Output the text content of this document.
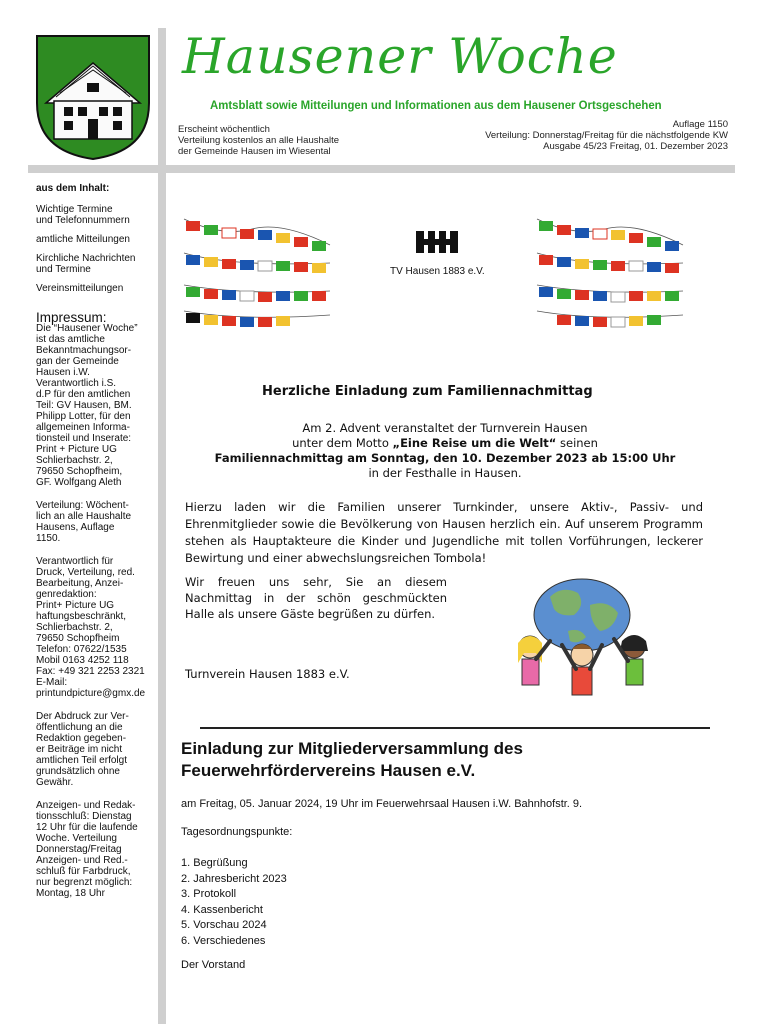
Hausener Woche
Amtsblatt sowie Mitteilungen und Informationen aus dem Hausener Ortsgeschehen
Erscheint wöchentlich
Verteilung kostenlos an alle Haushalte
der Gemeinde Hausen im Wiesental
Auflage 1150
Verteilung: Donnerstag/Freitag für die nächstfolgende KW
Ausgabe 45/23 Freitag, 01. Dezember 2023
aus dem Inhalt:
Wichtige Termine
und Telefonnummern
amtliche Mitteilungen
Kirchliche Nachrichten
und Termine
Vereinsmitteilungen
Impressum:

Die “Hausener Woche”
ist das amtliche
Bekanntmachungsor-
gan der Gemeinde
Hausen i.W.
Verantwortlich i.S.
d.P für den amtlichen
Teil: GV Hausen, BM.
Philipp Lotter, für den
allgemeinen Informa-
tionsteil und Inserate:
Print + Picture UG
Schlierbachstr. 2,
79650 Schopfheim,
GF. Wolfgang Aleth

Verteilung: Wöchent-
lich an alle Haushalte
Hausens, Auflage
1150.

Verantwortlich für
Druck, Verteilung, red.
Bearbeitung, Anzei-
genredaktion:
Print+ Picture UG
haftungsbeschränkt,
Schlierbachstr. 2,
79650 Schopfheim
Telefon: 07622/1535
Mobil 0163 4252 118
Fax: +49 321 2253 2321
E-Mail:
printundpicture@gmx.de

Der Abdruck zur Ver-
öffentlichung an die
Redaktion gegeben-
er Beiträge im nicht
amtlichen Teil erfolgt
grundsätzlich ohne
Gewähr.

Anzeigen- und Redak-
tionsschluß: Dienstag
12 Uhr für die laufende
Woche. Verteilung
Donnerstag/Freitag
Anzeigen- und Red.-
schluß für Farbdruck,
nur begrenzt möglich:
Montag, 18 Uhr

TV Hausen 1883 e.V.
Herzliche Einladung zum Familiennachmittag
Am 2. Advent veranstaltet der Turnverein Hausen
unter dem Motto „Eine Reise um die Welt“ seinen
Familiennachmittag am Sonntag, den 10. Dezember 2023 ab 15:00 Uhr
in der Festhalle in Hausen.
Hierzu laden wir die Familien unserer Turnkinder, unsere Aktiv-, Passiv- und Ehrenmitglieder sowie die Bevölkerung von Hausen herzlich ein. Auf unserem Programm stehen als Hauptakteure die Kinder und Jugendliche mit tollen Vorführungen, leckerer Bewirtung und einer abwechslungsreichen Tombola!
Wir freuen uns sehr, Sie an diesem Nachmittag in der schön geschmückten Halle als unsere Gäste begrüßen zu dürfen.
Turnverein Hausen 1883 e.V.
Einladung zur Mitgliederversammlung des
Feuerwehrfördervereins Hausen e.V.
am Freitag, 05. Januar 2024, 19 Uhr im Feuerwehrsaal Hausen i.W. Bahnhofstr. 9.
Tagesordnungspunkte:
1. Begrüßung
2. Jahresbericht 2023
3. Protokoll
4. Kassenbericht
5. Vorschau 2024
6. Verschiedenes
Der Vorstand
